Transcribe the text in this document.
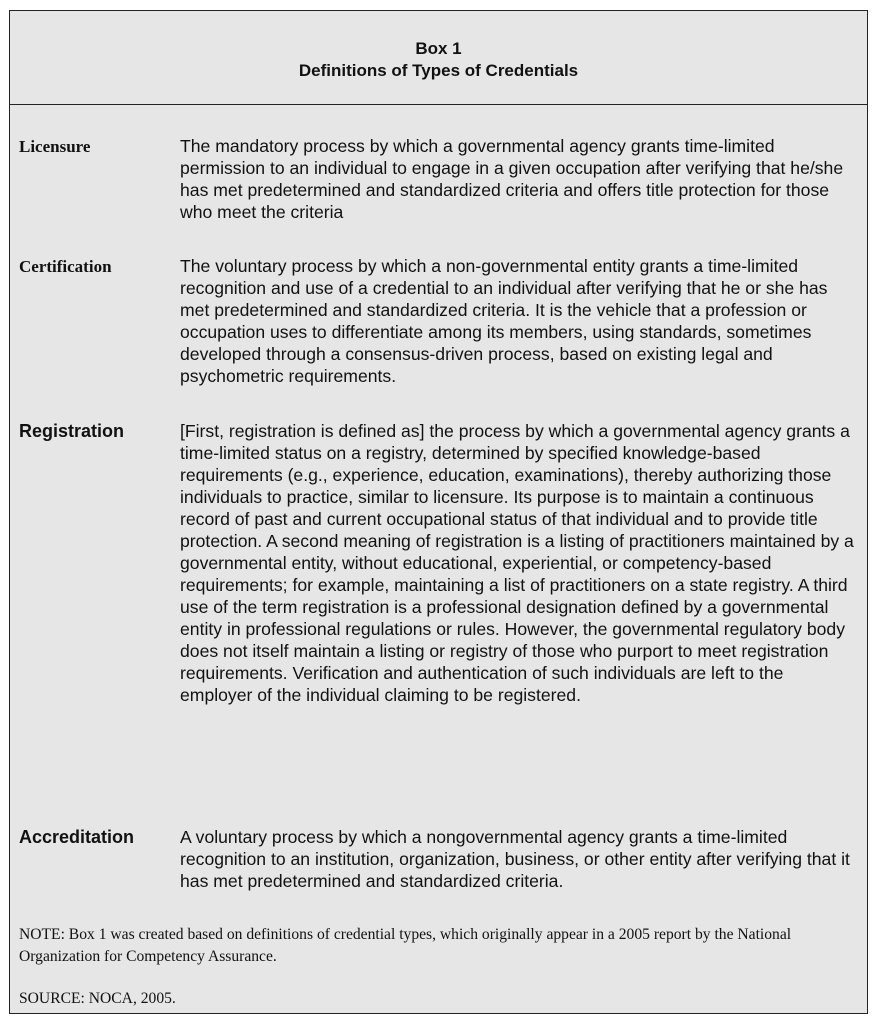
Box 1
Definitions of Types of Credentials
Licensure	The mandatory process by which a governmental agency grants time-limited permission to an individual to engage in a given occupation after verifying that he/she has met predetermined and standardized criteria and offers title protection for those who meet the criteria

Certification	The voluntary process by which a non-governmental entity grants a time-limited recognition and use of a credential to an individual after verifying that he or she has met predetermined and standardized criteria. It is the vehicle that a profession or occupation uses to differentiate among its members, using standards, sometimes developed through a consensus-driven process, based on existing legal and psychometric requirements.

Registration	[First, registration is defined as] the process by which a governmental agency grants a time-limited status on a registry, determined by specified knowledge-based requirements (e.g., experience, education, examinations), thereby authorizing those individuals to practice, similar to licensure. Its purpose is to maintain a continuous record of past and current occupational status of that individual and to provide title protection. A second meaning of registration is a listing of practitioners maintained by a governmental entity, without educational, experiential, or competency-based requirements; for example, maintaining a list of practitioners on a state registry. A third use of the term registration is a professional designation defined by a governmental entity in professional regulations or rules. However, the governmental regulatory body does not itself maintain a listing or registry of those who purport to meet registration requirements. Verification and authentication of such individuals are left to the employer of the individual claiming to be registered.

Accreditation	A voluntary process by which a nongovernmental agency grants a time-limited recognition to an institution, organization, business, or other entity after verifying that it has met predetermined and standardized criteria.

NOTE: Box 1 was created based on definitions of credential types, which originally appear in a 2005 report by the National Organization for Competency Assurance.

SOURCE: NOCA, 2005.
